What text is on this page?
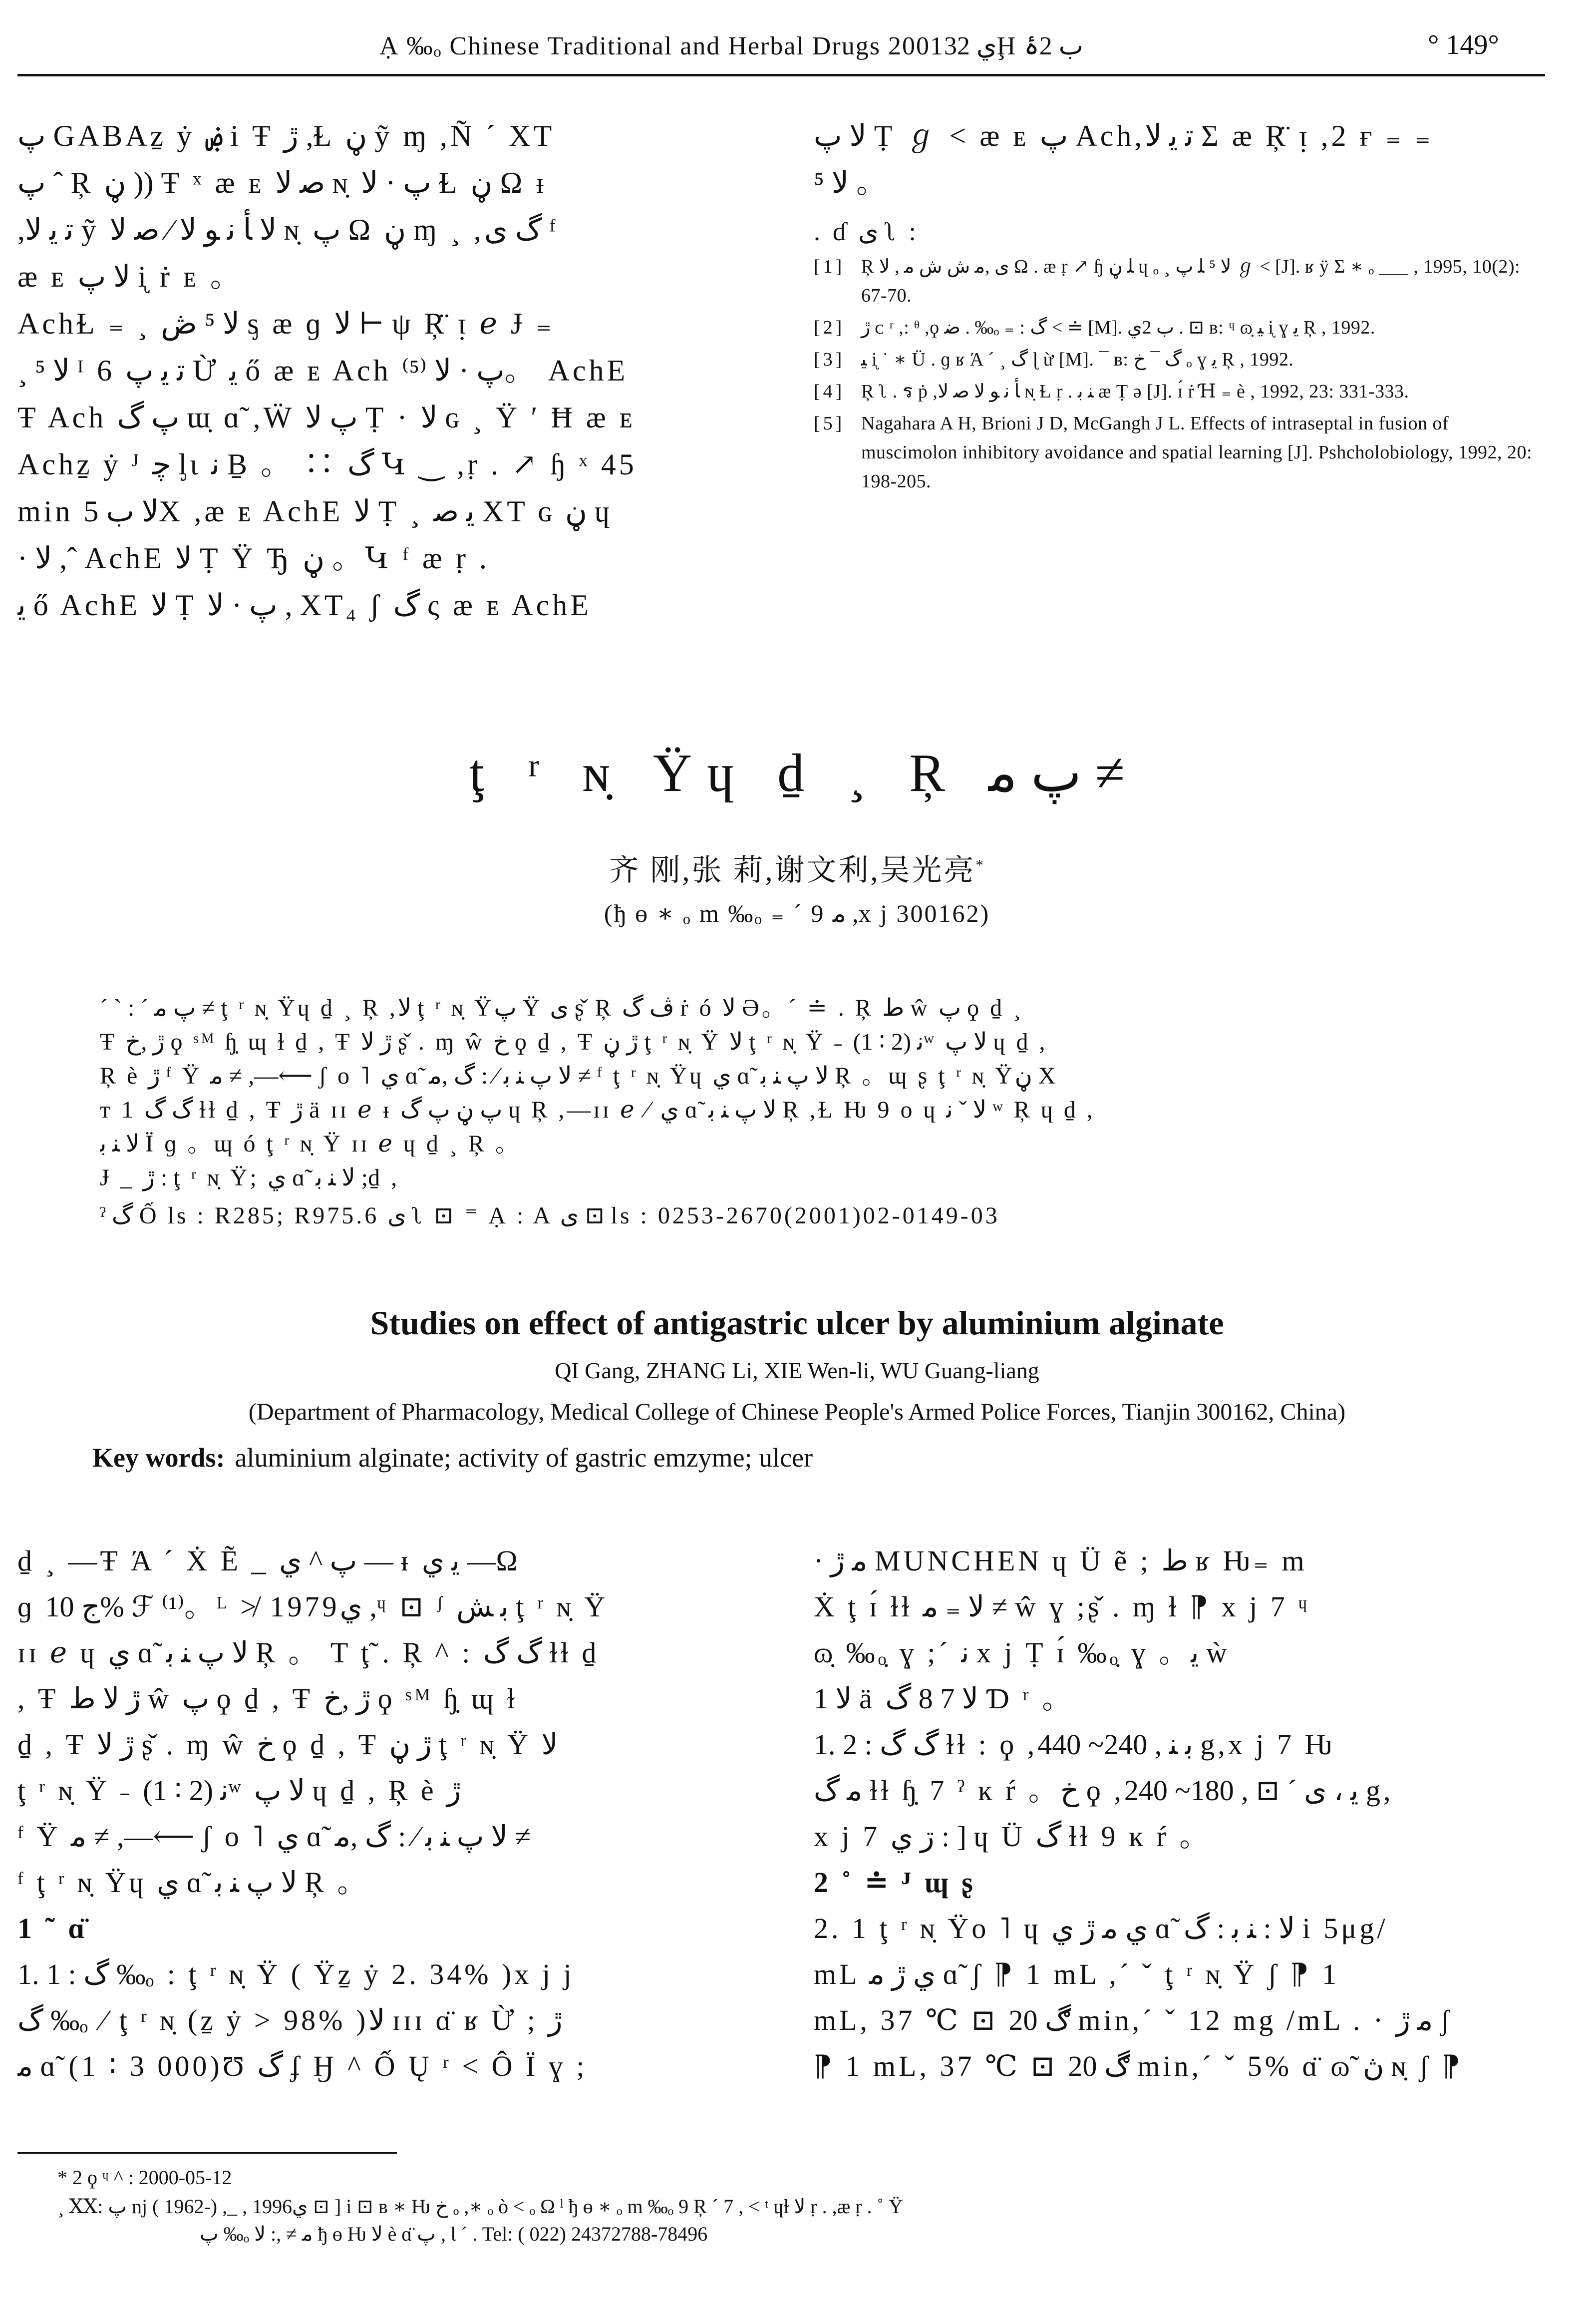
Ạ ‰ₒ Chinese Traditional and Herbal Drugs 2001ي 32Ḩ ب 2ۂ	° 149°

پ GABAẕ ẏ ۻ i Ŧ ڙ ,Ɫ ڼ ỹ ɱ ,Ñ ´ XT

پ ˆ Ŗ ڼ )) Ŧ ˣ ӕ ᴇ ﺻ ﻻ ɴ̣ پ · ﻻ Ɫ ڼ Ω ᵻ

,ﺗ ﯾ ﻻ ỹ ﻻ ﺄ ﻧ ﻮ ﻻ ⁄ ﺻ ﻻ ɴ̣ پ Ω ڼ ɱ ¸ ,گ ى ᶠ

ӕ ᴇ ﻻ پ ᶖ ṙ ᴇ 。

AchⱢ ₌ ¸ ﻻ ⁵ ڞ ᶊ ӕ ɡ ﻻ ⊢ ψ Ŗ̈ ᴉ ℯ Ɉ ₌

¸ ﻻ ⁵ ᴵ 6 ﺗ ﯾ پ Ừ ﯾ ő ӕ ᴇ Ach پ · ﻻ ⁽⁵⁾。 AchE

Ŧ Ach پ گ ɯ̣ ɑ̃ ,Ẅ پ ﻻ Ṭ · ﻻ ɢ ¸ Ÿ ʹ Ħ ӕ ᴇ

Achẕ ẏ ᴶ ﭼ ᶅɩ ﻧ Ḇ 。 ∷ گ Կ ‿ ,ṛ . ↗ ɧ ˣ 45

min ﻻ ب 5X ,ӕ ᴇ AchE ﻻ Ṭ ¸ ﯾ ﺻ XT ɢ ڼ ɥ

· ﻻ ,ˆ AchE ﻻ Ṭ Ÿ Ђ ڼ 。Կ ᶠ ӕ ṛ .

ﯾ ő AchE ﻻ Ṭ پ · ﻻ , XT₄ ʃ گ ς ӕ ᴇ AchE

ﻻ پ Ṭ ℊ ˂ ӕ ᴇ پ Ach,ﺗ ﯾ ﻻ Σ ӕ Ŗ̈ ᴉ ,2 ғ ₌ ₌

ﻻ ⁵ 。

. ɗ ى ʅ :

[1] Ŗ ى ,ﻣ ش ش ﻣ , ﻻ Ω . ӕ ṛ ↗ ɧ ﻠ ڼ ɥ ₒ ¸ ﻻ ⁵ ﻠ پ ℊ ˂ [J]. ʁ ÿ Σ ∗ ₒ ___ , 1995, 10(2): 67-70.
[2] ڙ ᴄ ʳ ,: ᶿ ,ϙ ﺿ . ‰ₒ ₌ : گ ˂ ≐ [M]. ب 2ي . ⊡ ʙ: ᶣ ɷ̣ ﯿ ᶖ ɣ ﯾ Ŗ , 1992.
[3] ﯿ ᶖ ˙ ∗ Ü . ɡ ʁ Ά ´ ¸ گ ɭ ừ [M]. ¯ ʙ: گ ¯ ﺥ ₒ ɣ ﯾ Ŗ , 1992.
[4] Ŗ ʅ . ร ṗ ,ﺄ ﻧ ﻮ ﻻ ﺻ ﻻ ɴ̣ Ɫ ṛ . ﻨ ﺑ ӕ Ṭ ə [J]. ɪ́ ṙ Ɦ ₌ è , 1992, 23: 331-333.
[5] Nagahara A H, Brioni J D, McGangh J L. Effects of intraseptal in fusion of muscimolon inhibitory avoidance and spatial learning [J]. Pshcholobiology, 1992, 20: 198-205.
ţ ʳ ɴ̣ Ÿɥ ḏ ¸ Ŗ پ ﻣ ≠
齐 刚,张 莉,谢文利,吴光亮*
(ђ ɵ ∗ ₒ m ‰ₒ ₌ ´ 9 ﻣ ,x j 300162)

ˊ ˋ : ˊ پ ﻣ ≠ ţ ʳ ɴ̣ Ÿɥ ḏ ¸ Ŗ ,ﻻ ţ ʳ ɴ̣ Ÿپ Ϋ ى ʂ̌ Ŗ ڤ گ ṙ ó ﻻ Ə。ˊ ≐ . Ŗ ط ŵ پ ϙ ḏ ¸

Ŧ ڙ ,ﺥ ϙ ˢᴹ ɧ̣ ɰ ɫ ḏ , Ŧ ڙ ﻻ ʂ̌ . ɱ ŵ ﺥ ϙ ḏ , Ŧ ڙ ڼ ţ ʳ ɴ̣ Ÿ ﻻ ţ ʳ ɴ̣ Ÿ ˗ ﻧ (2 ∶ 1)ʷ ﻻ پ ɥ ḏ ,

Ŗ è ڙ ᶠ Ÿ ﻣ ≠ ,—⟵ ʃ o ˥ ي ɑ̃ ﻻ پ ﻨ ﺑ ⁄ : گ ,ﻣ ≠ ᶠ ţ ʳ ɴ̣ Ÿɥ ي ɑ̃ ﻻ پ ﻨ ﺑ Ŗ 。ɰ ʂ ţ ʳ ɴ̣ Ÿڼ X

ᴛ 1 گ گ ɫɫ ḏ , Ŧ ڙ ä ɪɪ ℯ ᵻ پ ڼ پ گ ɥ Ŗ ,—ɪɪ ℯ ⁄ ي ɑ̃ ﻻ پ ﻨ ﺑ Ŗ ,Ɫ Ƕ 9 o ɥ ﻻ ˇ ﻧ ʷ Ŗ ɥ ḏ ,

ﻻ ﻨ ﺑ Ï ɡ 。ɰ ó ţ ʳ ɴ̣ Ÿ ɪɪ ℯ ɥ ḏ ¸ Ŗ 。

Ɉ _ ڙ : ţ ʳ ɴ̣ Ÿ; ي ɑ̃ ﻻ ﻨ ﺑ ;ḏ ,

ˀ گ Ố ls : R285; R975.6 ى ʅ ⊡ ⁼ Ạ : A ى ⊡ ls : 0253-2670(2001)02-0149-03

Studies on effect of antigastric ulcer by aluminium alginate
QI Gang, ZHANG Li, XIE Wen-li, WU Guang-liang
(Department of Pharmacology, Medical College of Chinese People's Armed Police Forces, Tianjin 300162, China)
Key words: aluminium alginate; activity of gastric emzyme; ulcer

ḏ ¸ ―Ŧ Ά ´ Ẋ Ẽ _ پ ^ ي ― ᵻ ﯾ ي ―Ω

ɡ ﺝ 10% ℱ ⁽¹⁾。ᴸ ≯ 1979ي ,ᶣ ⊡ ᶴ ﺑ ﺶ ţ ʳ ɴ̣ Ÿ

ɪɪ ℯ ɥ ي ɑ̃ ﻻ پ ﻨ ﺑ Ŗ 。 T ţ̃ . Ŗ ^ : گ گ ɫɫ ḏ

, Ŧ ڙ ﻻ ط ŵ پ ϙ ḏ , Ŧ ڙ ,ﺥ ϙ ˢᴹ ɧ̣ ɰ ɫ

ḏ , Ŧ ڙ ﻻ ʂ̌ . ɱ ŵ ﺥ ϙ ḏ , Ŧ ڙ ڼ ţ ʳ ɴ̣ Ÿ ﻻ

ţ ʳ ɴ̣ Ÿ ˗ ﻧ (2 ∶ 1)ʷ ﻻ پ ɥ ḏ , Ŗ è ڙ

ᶠ Ÿ ﻣ ≠ ,—⟵ ʃ o ˥ ي ɑ̃ ﻻ پ ﻨ ﺑ ⁄ : گ ,ﻣ ≠

ᶠ ţ ʳ ɴ̣ Ÿɥ ي ɑ̃ ﻻ پ ﻨ ﺑ Ŗ 。

1 ˜ ɑ̈

1. 1 : گ ‰ₒ : ţ ʳ ɴ̣ Ÿ ( Ÿẕ ẏ 2. 34% )x j j

گ ‰ₒ ⁄ ţ ʳ ɴ̣ (ẕ ẏ > 98% )ﻻ ɪɪɪ ɑ̈ ʁ Ừ ; ڙ

ﻣ ɑ̃ (1 ∶ 3 000)Ʊ گ ʄ Ӈ ^ Ố Ų ʳ ˂ Ô Ï ɣ ;

· ﻣ ڙ MUNCHEN ɥ Ü ẽ ; ط ʁ Ƕ₌ m

Ẋ ţ ɪ́ ɫɫ ﻻ ₌ ﻣ ≠ ŵ ɣ ;ʂ̌ . ɱ ɫ ⁋ x j 7 ᶣ

ɷ̣ ‰ₒ̣ ɣ ;ˊ ﻧ x j Ṭ ɪ́ ‰ₒ̣ ɣ 。ﯾ ẁ

1 ﻻ ä ﻻ 7 8 گ Ɗ ʳ 。

1. 2 : گ گ ɫɫ : ϙ ,ﺑ ﻨ , 240~ 440 g,x j 7 Ƕ

ﻣ گ ɫɫ ɧ̣ 7 ˀ ĸ ŕ 。ﺥ ϙ ,ﯾ ، ى ˊ ⊡ , 180~ 240 g,

x j 7 ڗ ي : ] ɥ Ü گ ɫɫ 9 ĸ ŕ 。

2 ˚ ≐ ᴶ ɰ ʂ

2. 1 ţ ʳ ɴ̣ Ÿo ˥ ɥ ي ﻣ ڙ ي ɑ̃ ﻻ : ﻨ ﺑ : گ i 5μg/

mL ي ڙ ﻣ ɑ̃ ʃ ⁋ 1 mL ,ˊ ˇ ţ ʳ ɴ̣ Ÿ ʃ ⁋ 1

mL, 37 ℃ ⊡ ڰ 20 min,ˊ ˇ 12 mg /mL . · ﻣ ڙ ʃ

⁋ 1 mL, 37 ℃ ⊡ ڰ 20 min,ˊ ˇ 5% ɑ̈ ɷ̃ ڽ ɴ̣ ʃ ⁋

* 2 ϙ ᶣ ^ : 2000-05-12
¸ ⅩⅩ: ﭖ nj ( 1962-) ,_ , 1996ي ⊡ ] i ⊡ ʙ ∗ Ƕ ﺥ ₒ ,∗ ₒ ò ˂ ₒ Ω ˡ ђ ɵ ∗ ₒ m ‰ₒ 9 Ŗ ´ 7 , ˂ ᵗ ɥɫ ﻻ ṛ . ,ӕ ṛ . ˚ Ÿ
پ ‰ₒ ﻣ ≠ ,: ﻻ ђ ɵ Ƕ ﻻ è ɑ̈ پ , Ɩ ´ . Tel: ( 022) 24372788-78496
